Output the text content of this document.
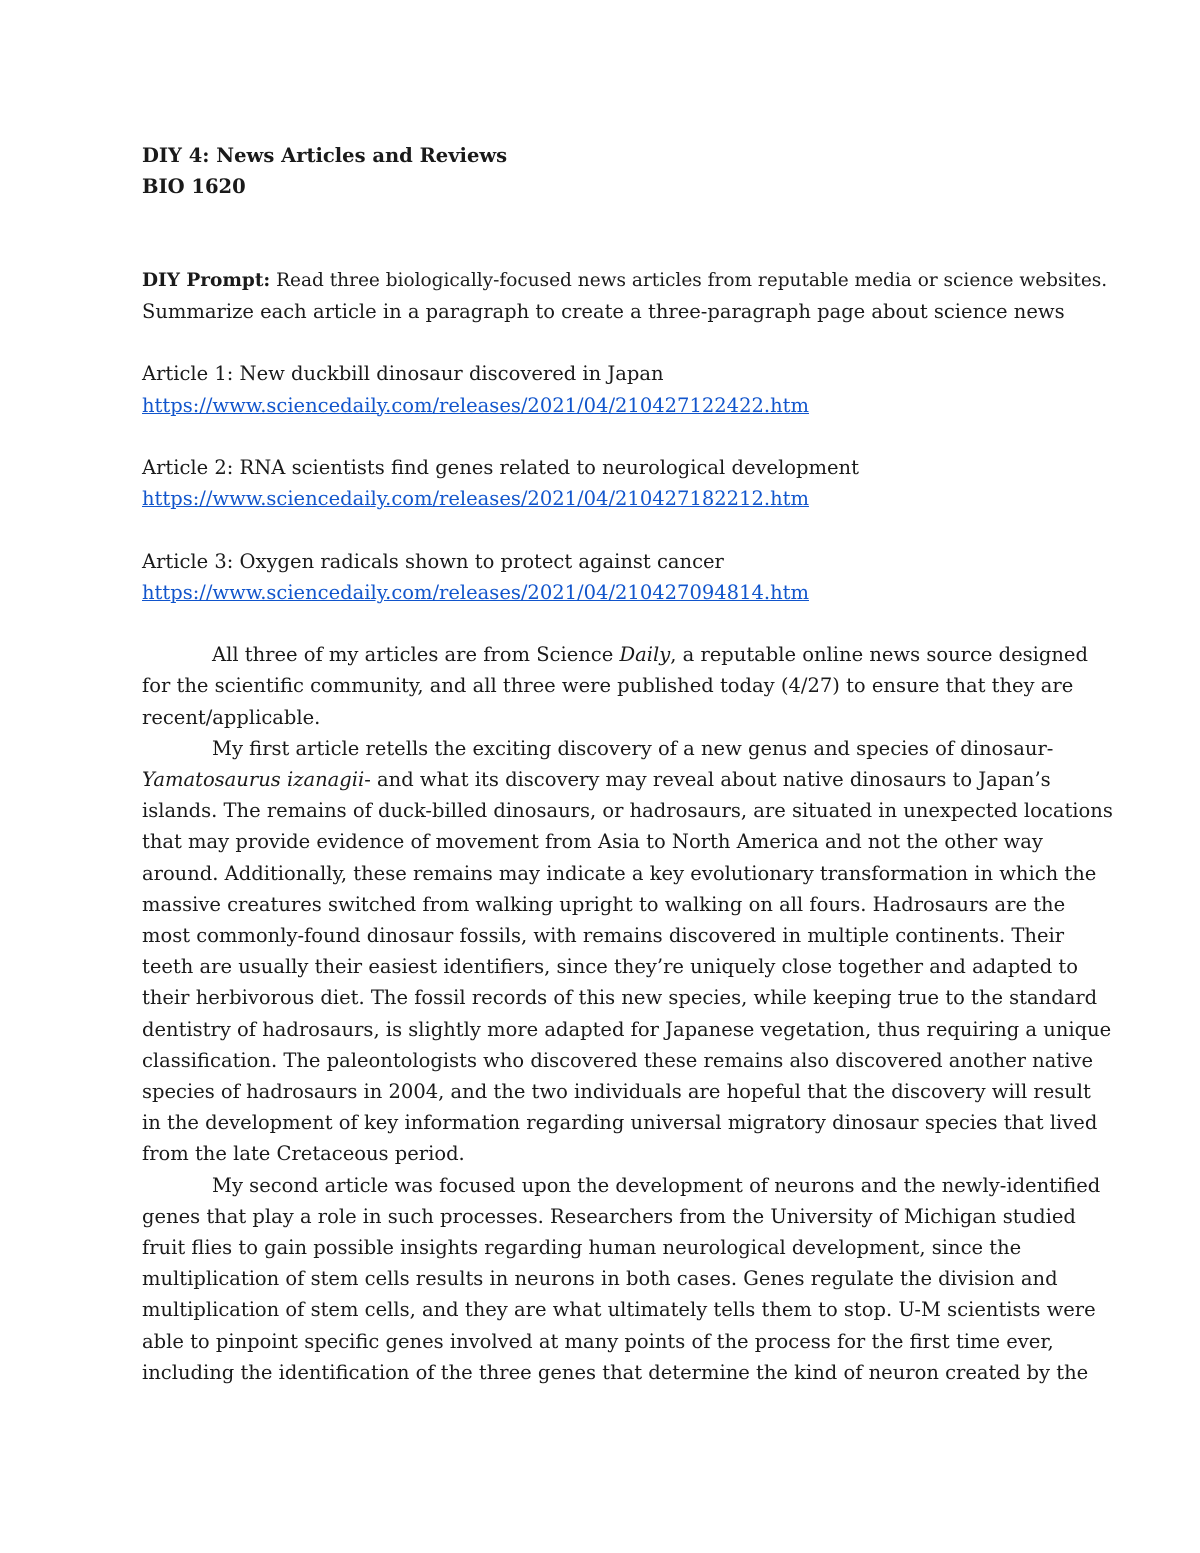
DIY 4: News Articles and Reviews
BIO 1620
DIY Prompt: Read three biologically-focused news articles from reputable media or science websites.
Summarize each article in a paragraph to create a three-paragraph page about science news
Article 1: New duckbill dinosaur discovered in Japan
https://www.sciencedaily.com/releases/2021/04/210427122422.htm
Article 2: RNA scientists find genes related to neurological development
https://www.sciencedaily.com/releases/2021/04/210427182212.htm
Article 3: Oxygen radicals shown to protect against cancer
https://www.sciencedaily.com/releases/2021/04/210427094814.htm
All three of my articles are from Science Daily, a reputable online news source designed
for the scientific community, and all three were published today (4/27) to ensure that they are
recent/applicable.
My first article retells the exciting discovery of a new genus and species of dinosaur-
Yamatosaurus izanagii- and what its discovery may reveal about native dinosaurs to Japan’s
islands. The remains of duck-billed dinosaurs, or hadrosaurs, are situated in unexpected locations
that may provide evidence of movement from Asia to North America and not the other way
around. Additionally, these remains may indicate a key evolutionary transformation in which the
massive creatures switched from walking upright to walking on all fours. Hadrosaurs are the
most commonly-found dinosaur fossils, with remains discovered in multiple continents. Their
teeth are usually their easiest identifiers, since they’re uniquely close together and adapted to
their herbivorous diet. The fossil records of this new species, while keeping true to the standard
dentistry of hadrosaurs, is slightly more adapted for Japanese vegetation, thus requiring a unique
classification. The paleontologists who discovered these remains also discovered another native
species of hadrosaurs in 2004, and the two individuals are hopeful that the discovery will result
in the development of key information regarding universal migratory dinosaur species that lived
from the late Cretaceous period.
My second article was focused upon the development of neurons and the newly-identified
genes that play a role in such processes. Researchers from the University of Michigan studied
fruit flies to gain possible insights regarding human neurological development, since the
multiplication of stem cells results in neurons in both cases. Genes regulate the division and
multiplication of stem cells, and they are what ultimately tells them to stop. U-M scientists were
able to pinpoint specific genes involved at many points of the process for the first time ever,
including the identification of the three genes that determine the kind of neuron created by the
